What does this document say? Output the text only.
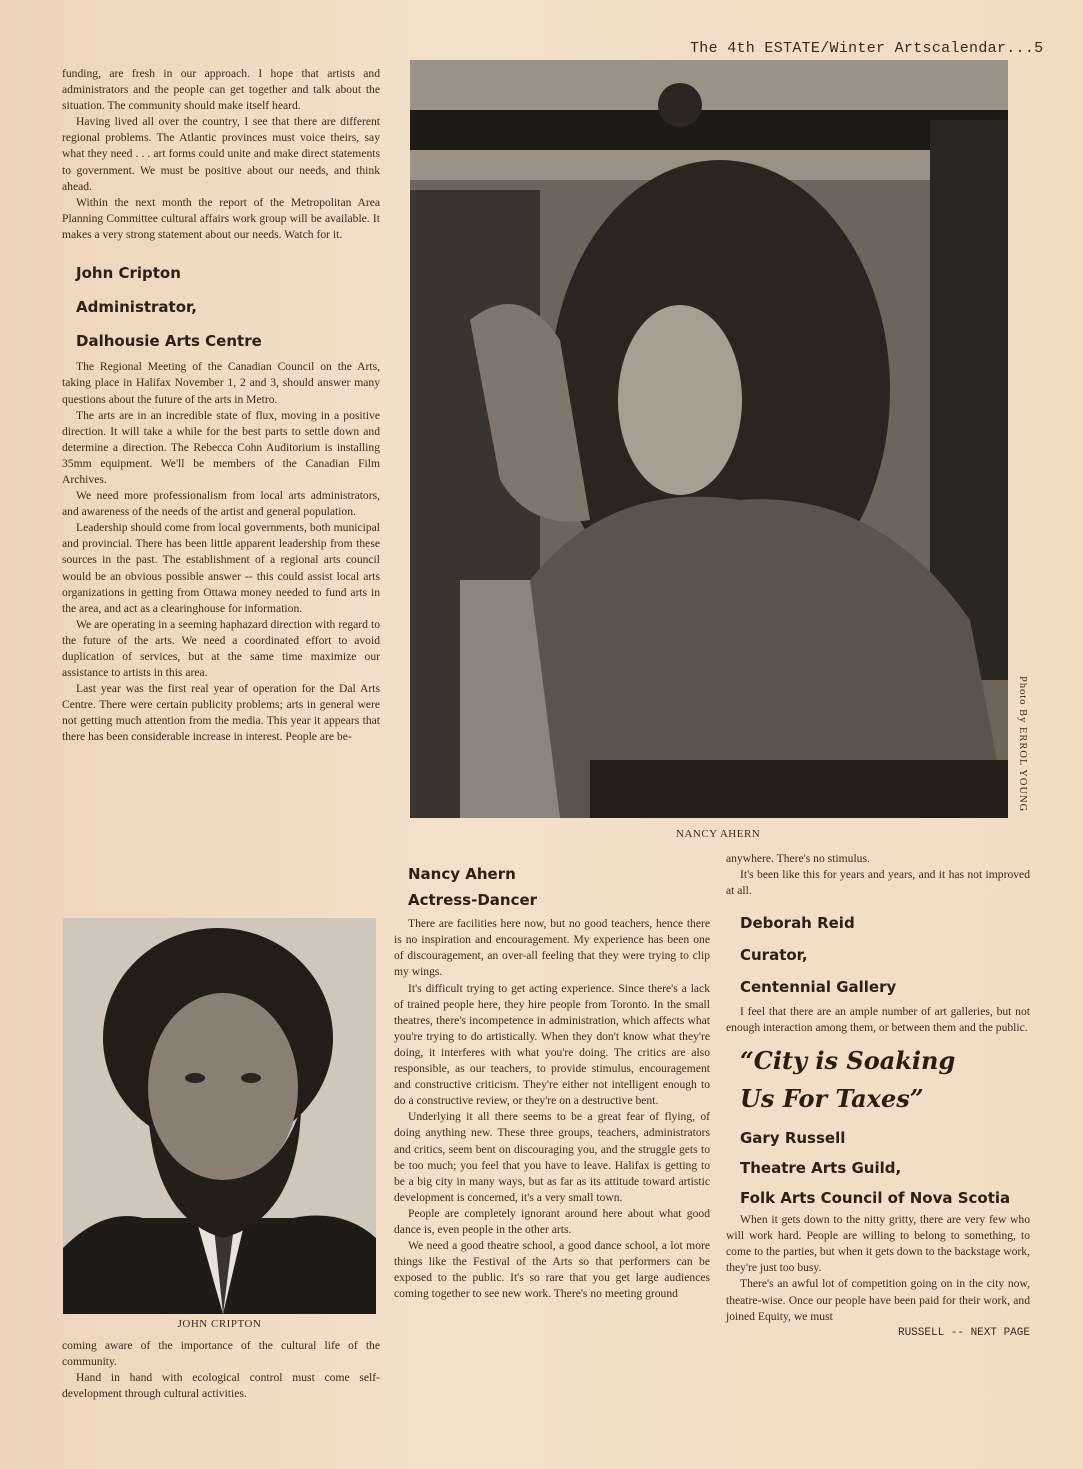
The 4th ESTATE/Winter Artscalendar...5

funding, are fresh in our approach. I hope that artists and administrators and the people can get together and talk about the situation. The community should make itself heard.

Having lived all over the country, I see that there are different regional problems. The Atlantic provinces must voice theirs, say what they need . . . art forms could unite and make direct statements to government. We must be positive about our needs, and think ahead.

Within the next month the report of the Metropolitan Area Planning Committee cultural affairs work group will be available. It makes a very strong statement about our needs. Watch for it.

John Cripton

Administrator,

Dalhousie Arts Centre

The Regional Meeting of the Canadian Council on the Arts, taking place in Halifax November 1, 2 and 3, should answer many questions about the future of the arts in Metro.

The arts are in an incredible state of flux, moving in a positive direction. It will take a while for the best parts to settle down and determine a direction. The Rebecca Cohn Auditorium is installing 35mm equipment. We'll be members of the Canadian Film Archives.

We need more professionalism from local arts administrators, and awareness of the needs of the artist and general population.

Leadership should come from local governments, both municipal and provincial. There has been little apparent leadership from these sources in the past. The establishment of a regional arts council would be an obvious possible answer -- this could assist local arts organizations in getting from Ottawa money needed to fund arts in the area, and act as a clearinghouse for information.

We are operating in a seeming haphazard direction with regard to the future of the arts. We need a coordinated effort to avoid duplication of services, but at the same time maximize our assistance to artists in this area.

Last year was the first real year of operation for the Dal Arts Centre. There were certain publicity problems; arts in general were not getting much attention from the media. This year it appears that there has been considerable increase in interest. People are be-

JOHN CRIPTON

coming aware of the importance of the cultural life of the community.

Hand in hand with ecological control must come self-development through cultural activities.

NANCY AHERN
Photo By ERROL YOUNG

Nancy Ahern

Actress-Dancer

There are facilities here now, but no good teachers, hence there is no inspiration and encouragement. My experience has been one of discouragement, an over-all feeling that they were trying to clip my wings.

It's difficult trying to get acting experience. Since there's a lack of trained people here, they hire people from Toronto. In the small theatres, there's incompetence in administration, which affects what you're trying to do artistically. When they don't know what they're doing, it interferes with what you're doing. The critics are also responsible, as our teachers, to provide stimulus, encouragement and constructive criticism. They're either not intelligent enough to do a constructive review, or they're on a destructive bent.

Underlying it all there seems to be a great fear of flying, of doing anything new. These three groups, teachers, administrators and critics, seem bent on discouraging you, and the struggle gets to be too much; you feel that you have to leave. Halifax is getting to be a big city in many ways, but as far as its attitude toward artistic development is concerned, it's a very small town.

People are completely ignorant around here about what good dance is, even people in the other arts.

We need a good theatre school, a good dance school, a lot more things like the Festival of the Arts so that performers can be exposed to the public. It's so rare that you get large audiences coming together to see new work. There's no meeting ground

anywhere. There's no stimulus.

It's been like this for years and years, and it has not improved at all.

Deborah Reid

Curator,

Centennial Gallery

I feel that there are an ample number of art galleries, but not enough interaction among them, or between them and the public.

“City is Soaking

Us For Taxes”

Gary Russell

Theatre Arts Guild,

Folk Arts Council of Nova Scotia

When it gets down to the nitty gritty, there are very few who will work hard. People are willing to belong to something, to come to the parties, but when it gets down to the backstage work, they're just too busy.

There's an awful lot of competition going on in the city now, theatre-wise. Once our people have been paid for their work, and joined Equity, we must

RUSSELL -- NEXT PAGE
